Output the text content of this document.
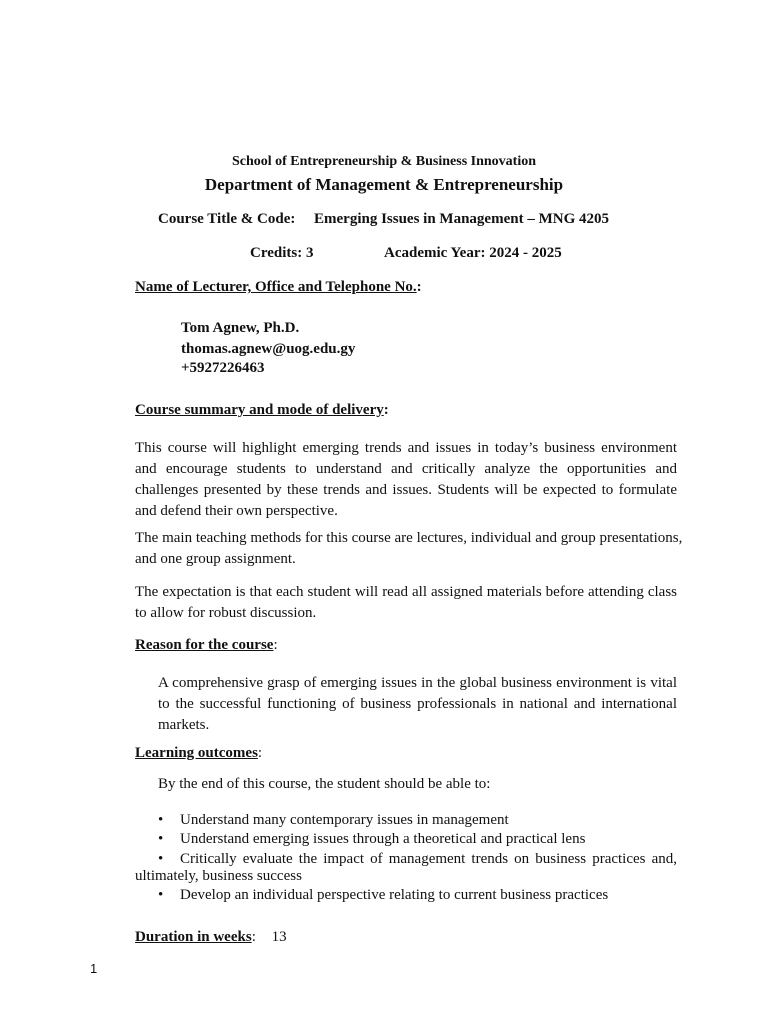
School of Entrepreneurship & Business Innovation
Department of Management & Entrepreneurship
Course Title & Code: Emerging Issues in Management – MNG 4205
Credits: 3	Academic Year: 2024 - 2025
Name of Lecturer, Office and Telephone No.:
Tom Agnew, Ph.D.
thomas.agnew@uog.edu.gy
+5927226463
Course summary and mode of delivery:
This course will highlight emerging trends and issues in today’s business environment
and encourage students to understand and critically analyze the opportunities and
challenges presented by these trends and issues. Students will be expected to formulate
and defend their own perspective.
The main teaching methods for this course are lectures, individual and group presentations,
and one group assignment.
The expectation is that each student will read all assigned materials before attending class
to allow for robust discussion.
Reason for the course:
A comprehensive grasp of emerging issues in the global business environment is vital
to the successful functioning of business professionals in national and international
markets.
Learning outcomes:
By the end of this course, the student should be able to:
• Understand many contemporary issues in management
• Understand emerging issues through a theoretical and practical lens
• Critically evaluate the impact of management trends on business practices and,
ultimately, business success
• Develop an individual perspective relating to current business practices
Duration in weeks: 13
1
